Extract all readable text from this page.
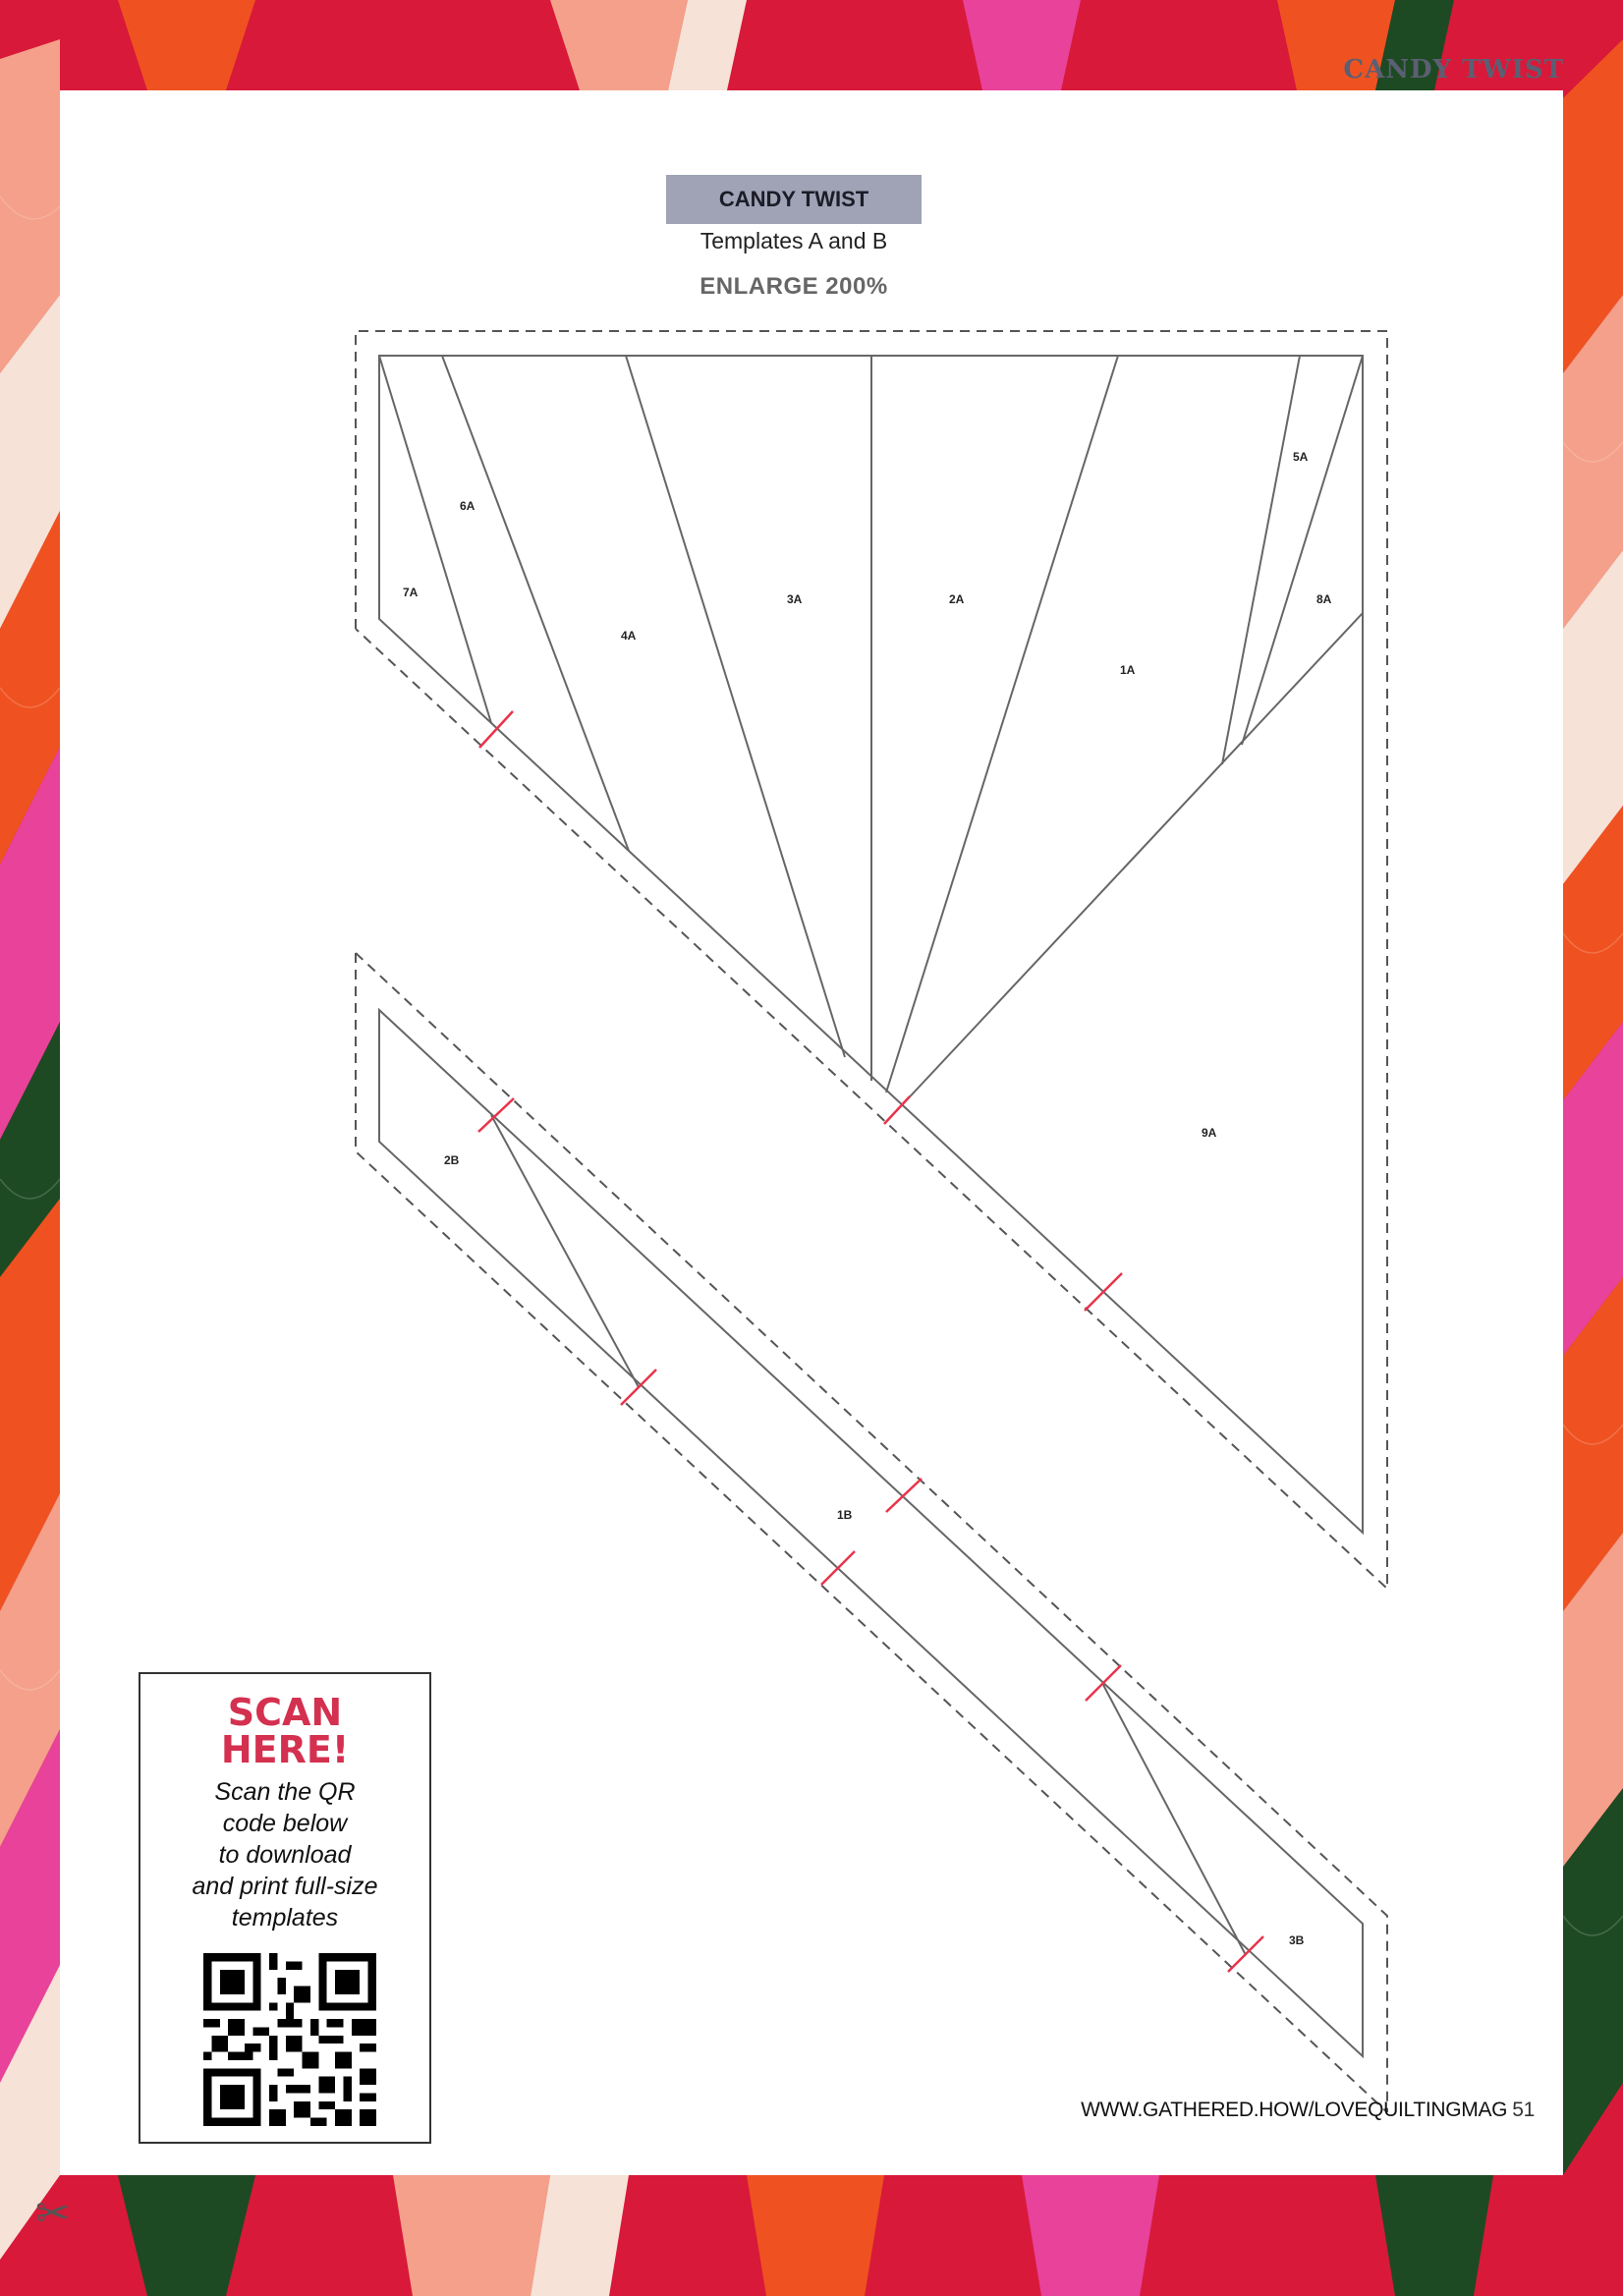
CANDY TWIST
CANDY TWIST
Templates A and B
ENLARGE 200%
7A
6A
4A
3A	2A
1A
5A
8A
9A
2B
1B
3B
SCAN
HERE!
Scan the QR
code below
to download
and print full-size
templates
WWW.GATHERED.HOW/LOVEQUILTINGMAG 51
✂
